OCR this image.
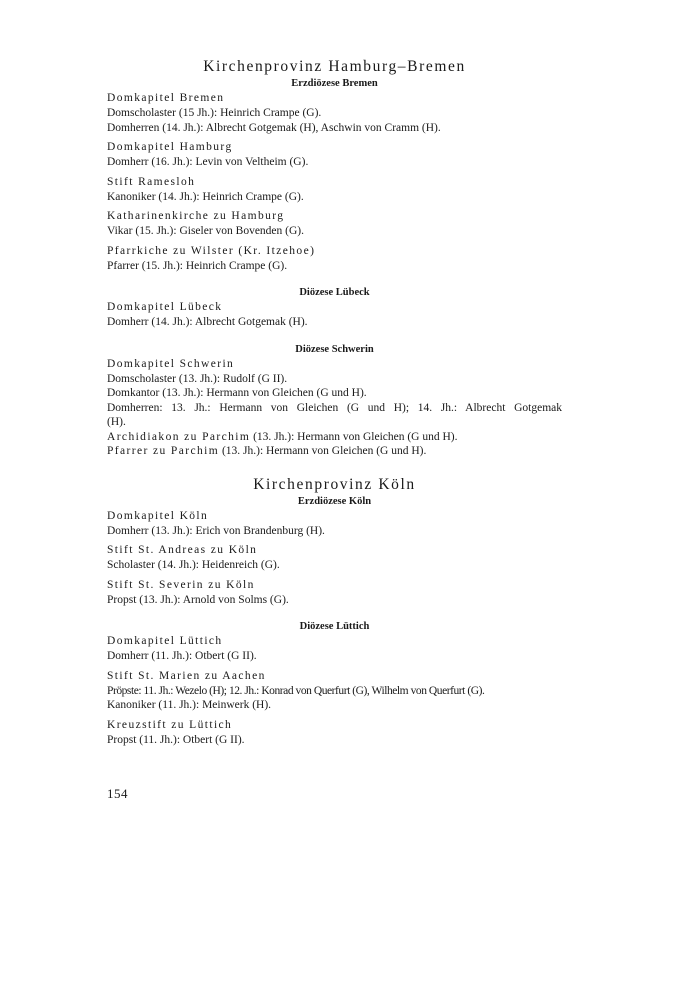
Kirchenprovinz Hamburg–Bremen
Erzdiözese Bremen

Domkapitel Bremen

Domscholaster (15 Jh.): Heinrich Crampe (G).

Domherren (14. Jh.): Albrecht Gotgemak (H), Aschwin von Cramm (H).

Domkapitel Hamburg

Domherr (16. Jh.): Levin von Veltheim (G).

Stift Ramesloh

Kanoniker (14. Jh.): Heinrich Crampe (G).

Katharinenkirche zu Hamburg

Vikar (15. Jh.): Giseler von Bovenden (G).

Pfarrkiche zu Wilster (Kr. Itzehoe)

Pfarrer (15. Jh.): Heinrich Crampe (G).

Diözese Lübeck

Domkapitel Lübeck

Domherr (14. Jh.): Albrecht Gotgemak (H).

Diözese Schwerin

Domkapitel Schwerin

Domscholaster (13. Jh.): Rudolf (G II).

Domkantor (13. Jh.): Hermann von Gleichen (G und H).

Domherren: 13. Jh.: Hermann von Gleichen (G und H); 14. Jh.: Albrecht Gotgemak

(H).

Archidiakon zu Parchim (13. Jh.): Hermann von Gleichen (G und H).

Pfarrer zu Parchim (13. Jh.): Hermann von Gleichen (G und H).

Kirchenprovinz Köln
Erzdiözese Köln

Domkapitel Köln

Domherr (13. Jh.): Erich von Brandenburg (H).

Stift St. Andreas zu Köln

Scholaster (14. Jh.): Heidenreich (G).

Stift St. Severin zu Köln

Propst (13. Jh.): Arnold von Solms (G).

Diözese Lüttich

Domkapitel Lüttich

Domherr (11. Jh.): Otbert (G II).

Stift St. Marien zu Aachen

Pröpste: 11. Jh.: Wezelo (H); 12. Jh.: Konrad von Querfurt (G), Wilhelm von Querfurt (G).

Kanoniker (11. Jh.): Meinwerk (H).

Kreuzstift zu Lüttich

Propst (11. Jh.): Otbert (G II).

154
